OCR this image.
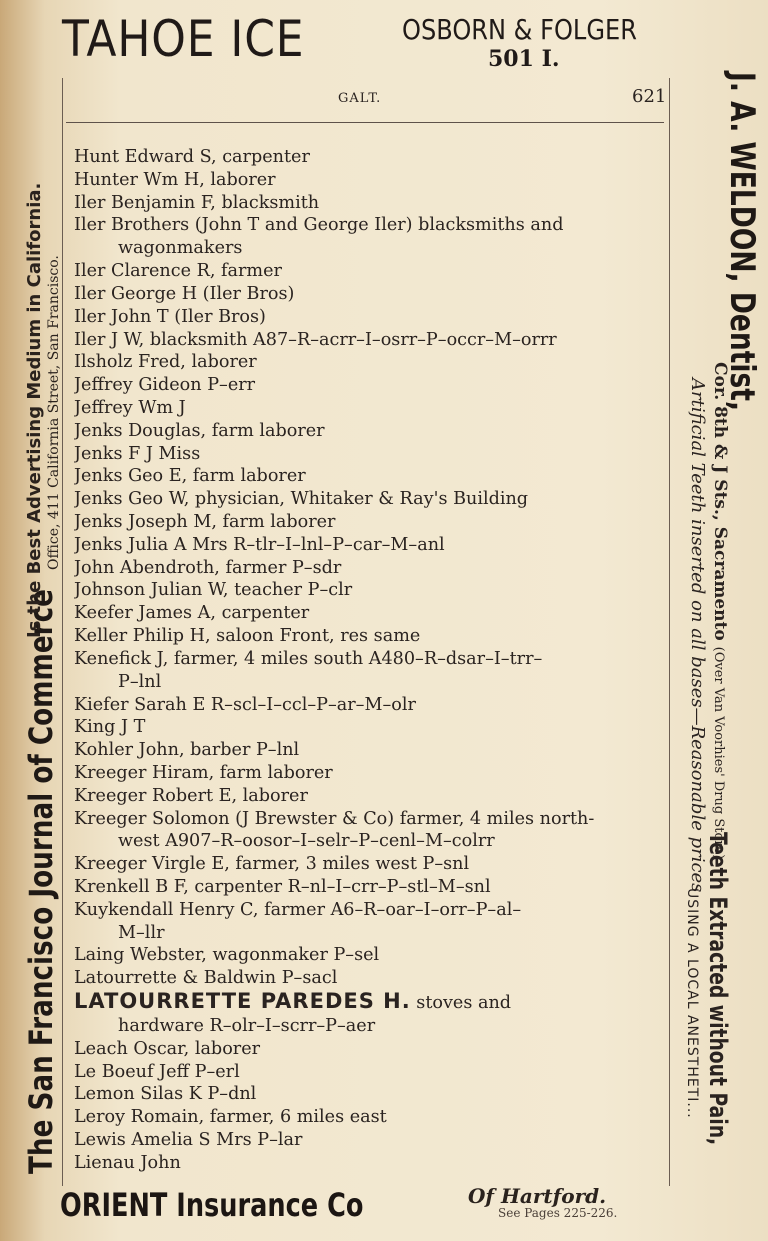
TAHOE ICE	OSBORN & FOLGER
501 I.
GALT.	621
Hunt Edward S, carpenter
Hunter Wm H, laborer
Iler Benjamin F, blacksmith
Iler Brothers (John T and George Iler) blacksmiths and
wagonmakers
Iler Clarence R, farmer
Iler George H (Iler Bros)
Iler John T (Iler Bros)
Iler J W, blacksmith A87–R–acrr–I–osrr–P–occr–M–orrr
Ilsholz Fred, laborer
Jeffrey Gideon P–err
Jeffrey Wm J
Jenks Douglas, farm laborer
Jenks F J Miss
Jenks Geo E, farm laborer
Jenks Geo W, physician, Whitaker & Ray's Building
Jenks Joseph M, farm laborer
Jenks Julia A Mrs R–tlr–I–lnl–P–car–M–anl
John Abendroth, farmer P–sdr
Johnson Julian W, teacher P–clr
Keefer James A, carpenter
Keller Philip H, saloon Front, res same
Kenefick J, farmer, 4 miles south A480–R–dsar–I–trr–
P–lnl
Kiefer Sarah E R–scl–I–ccl–P–ar–M–olr
King J T
Kohler John, barber P–lnl
Kreeger Hiram, farm laborer
Kreeger Robert E, laborer
Kreeger Solomon (J Brewster & Co) farmer, 4 miles north-
west A907–R–oosor–I–selr–P–cenl–M–colrr
Kreeger Virgle E, farmer, 3 miles west P–snl
Krenkell B F, carpenter R–nl–I–crr–P–stl–M–snl
Kuykendall Henry C, farmer A6–R–oar–I–orr–P–al–
M–llr
Laing Webster, wagonmaker P–sel
Latourrette & Baldwin P–sacl
LATOURRETTE PAREDES H. stoves and
hardware R–olr–I–scrr–P–aer
Leach Oscar, laborer
Le Boeuf Jeff P–erl
Lemon Silas K P–dnl
Leroy Romain, farmer, 6 miles east
Lewis Amelia S Mrs P–lar
Lienau John
The San Francisco Journal of Commerce
Is the Best Advertising Medium in California. Office, 411 California Street, San Francisco.
J. A. WELDON, Dentist,
Cor. 8th & J Sts., Sacramento (Over Van Voorhies' Drug Store)
Teeth Extracted without Pain,
Artificial Teeth inserted on all bases—Reasonable prices
USING A LOCAL ANESTHETI...
ORIENT Insurance Co	Of Hartford.
See Pages 225-226.
